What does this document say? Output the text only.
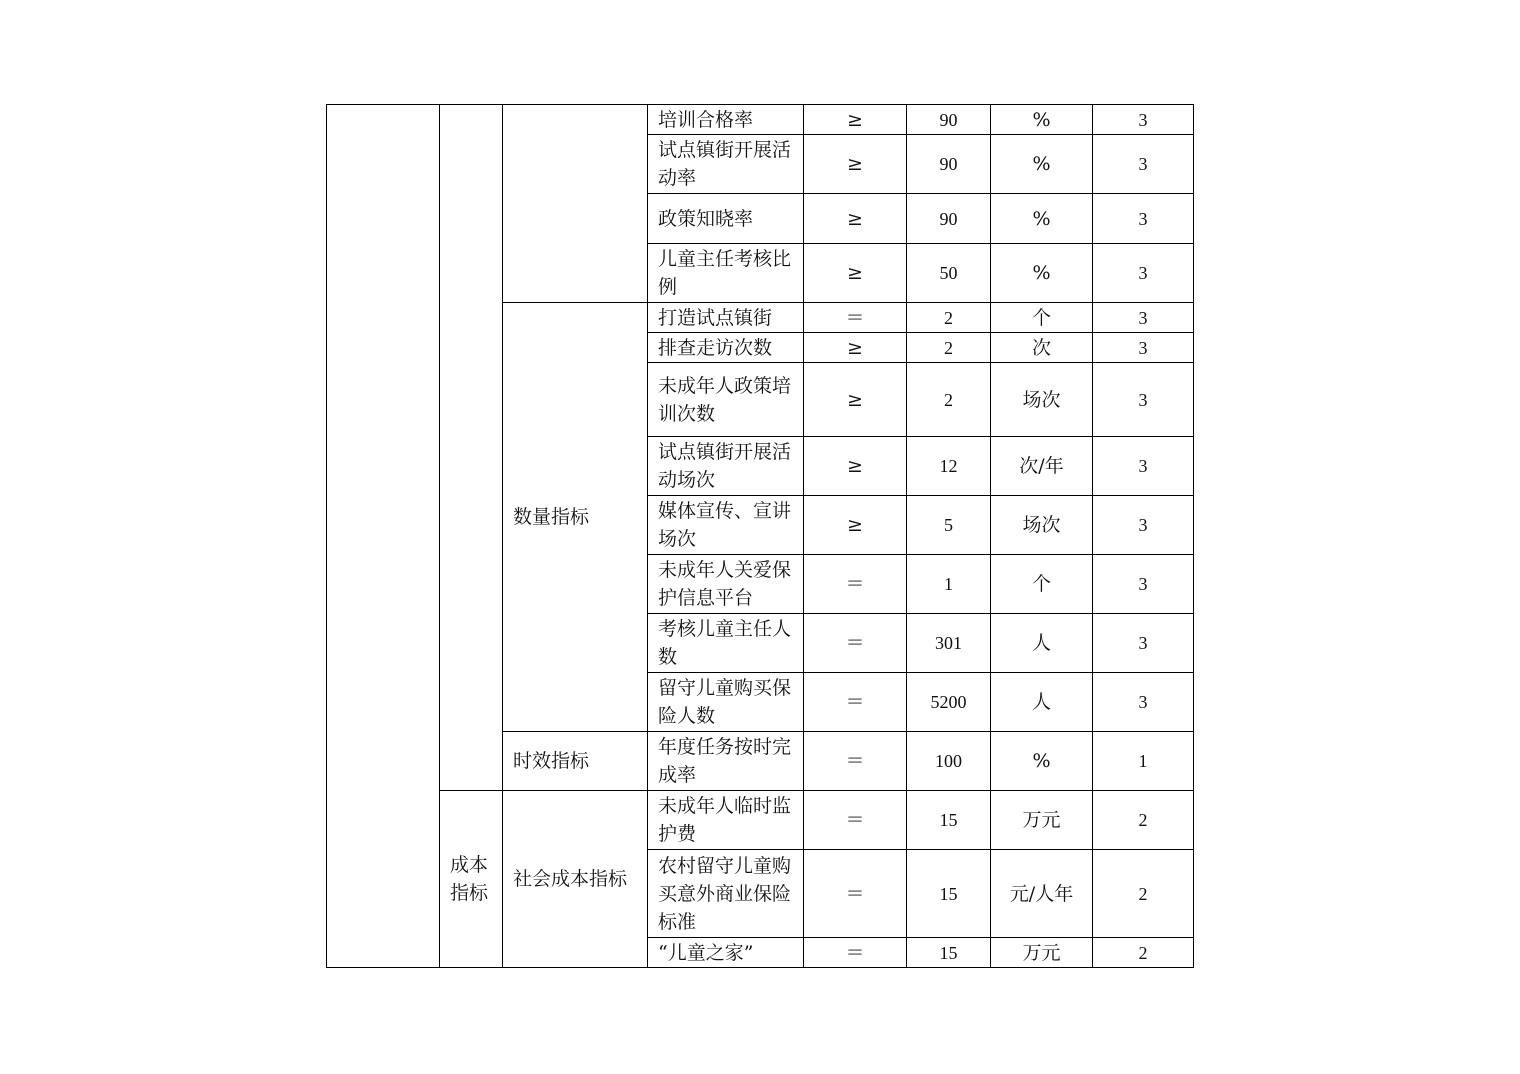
			培训合格率	≥	90	%	3
			试点镇街开展活动率	≥	90	%	3
			政策知晓率	≥	90	%	3
			儿童主任考核比例	≥	50	%	3

		数量指标	打造试点镇街	＝	2	个	3
			排查走访次数	≥	2	次	3
			未成年人政策培训次数	≥	2	场次	3
			试点镇街开展活动场次	≥	12	次/年	3
			媒体宣传、宣讲场次	≥	5	场次	3
			未成年人关爱保护信息平台	＝	1	个	3
			考核儿童主任人数	＝	301	人	3
			留守儿童购买保险人数	＝	5200	人	3

		时效指标	年度任务按时完成率	＝	100	%	1

	成本指标	社会成本指标	未成年人临时监护费	＝	15	万元	2
			农村留守儿童购买意外商业保险标准	＝	15	元/人年	2
			“儿童之家”	＝	15	万元	2
